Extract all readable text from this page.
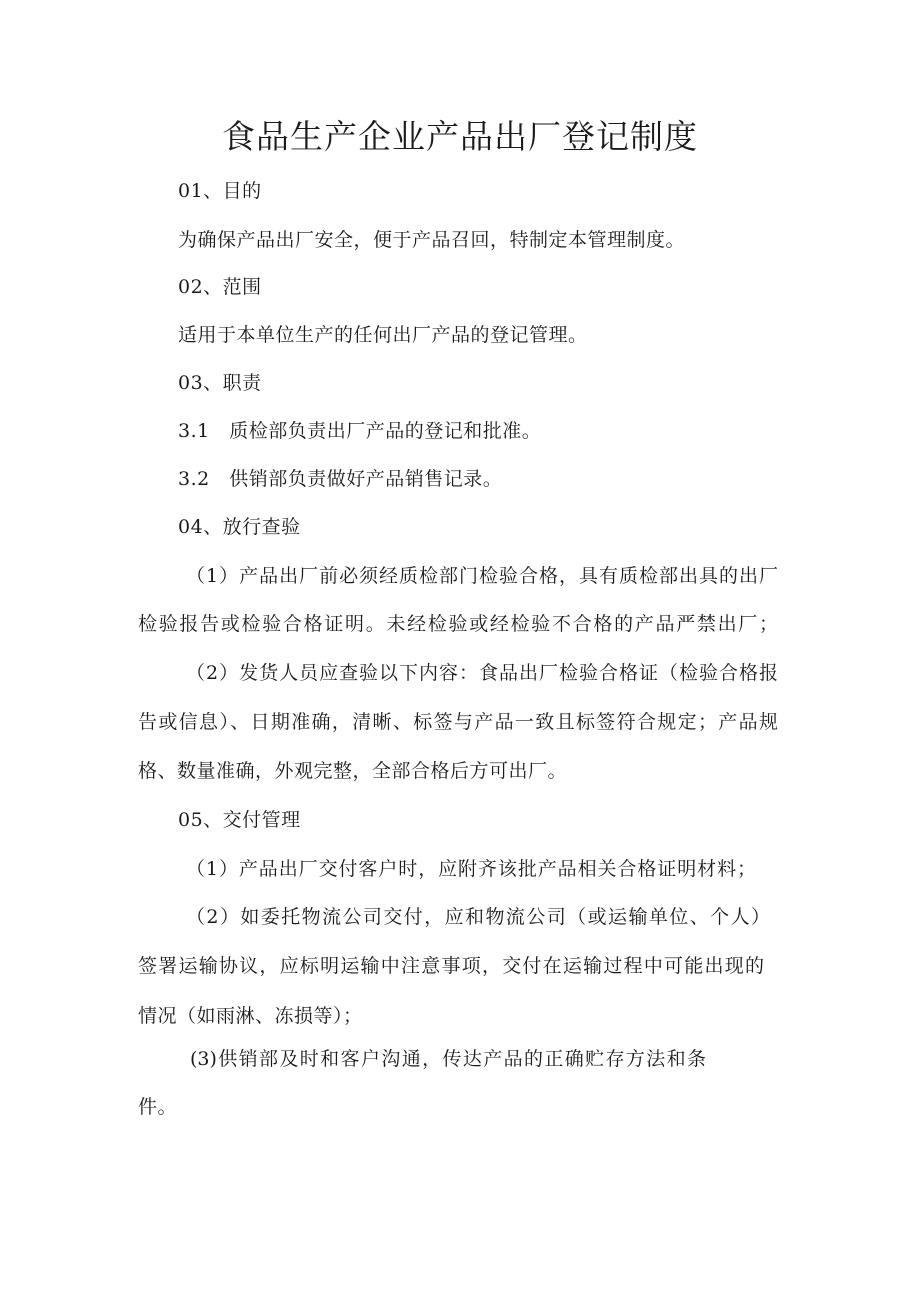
食品生产企业产品出厂登记制度
01、目的
为确保产品出厂安全，便于产品召回，特制定本管理制度。
02、范围
适用于本单位生产的任何出厂产品的登记管理。
03、职责
3.1　质检部负责出厂产品的登记和批准。
3.2　供销部负责做好产品销售记录。
04、放行查验
（1）产品出厂前必须经质检部门检验合格，具有质检部出具的出厂
检验报告或检验合格证明。未经检验或经检验不合格的产品严禁出厂；
（2）发货人员应查验以下内容：食品出厂检验合格证（检验合格报
告或信息）、日期准确，清晰、标签与产品一致且标签符合规定；产品规
格、数量准确，外观完整，全部合格后方可出厂。
05、交付管理
（1）产品出厂交付客户时，应附齐该批产品相关合格证明材料；
（2）如委托物流公司交付，应和物流公司（或运输单位、个人）
签署运输协议，应标明运输中注意事项，交付在运输过程中可能出现的
情况（如雨淋、冻损等）；
(3)供销部及时和客户沟通，传达产品的正确贮存方法和条
件。
